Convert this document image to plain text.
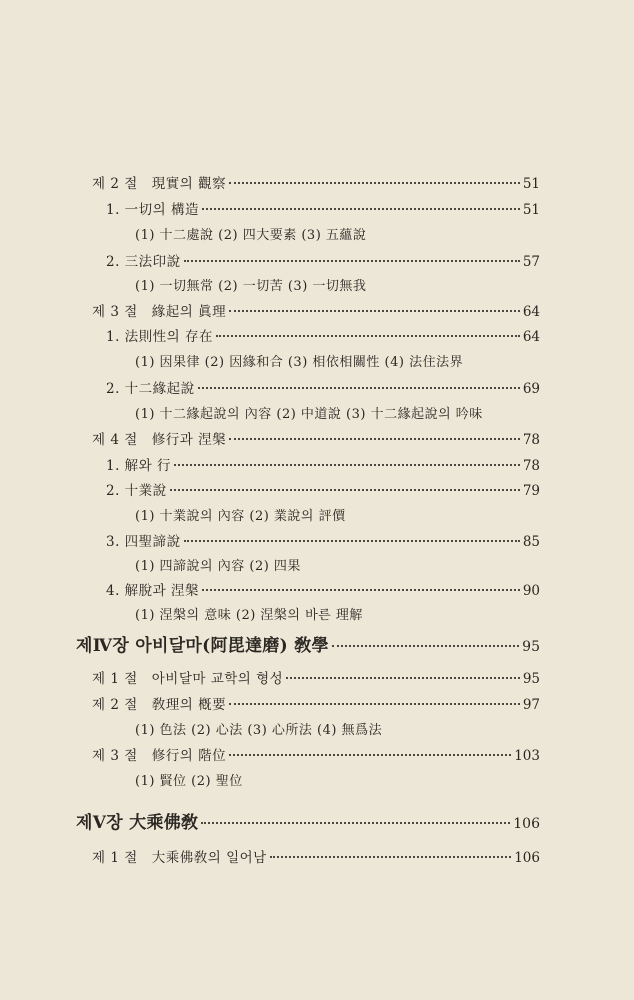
제 2 절　現實의 觀察	51
1. 一切의 構造	51
(1) 十二處說 (2) 四大要素 (3) 五蘊說
2. 三法印說	57
(1) 一切無常 (2) 一切苦 (3) 一切無我
제 3 절　緣起의 眞理	64
1. 法則性의 存在	64
(1) 因果律 (2) 因緣和合 (3) 相依相關性 (4) 法住法界
2. 十二緣起說	69
(1) 十二緣起說의 內容 (2) 中道說 (3) 十二緣起說의 吟味
제 4 절　修行과 涅槃	78
1. 解와 行	78
2. 十業說	79
(1) 十業說의 內容 (2) 業說의 評價
3. 四聖諦說	85
(1) 四諦說의 內容 (2) 四果
4. 解脫과 涅槃	90
(1) 涅槃의 意味 (2) 涅槃의 바른 理解
제Ⅳ장 아비달마(阿毘達磨) 敎學	95
제 1 절　아비달마 교학의 형성	95
제 2 절　敎理의 槪要	97
(1) 色法 (2) 心法 (3) 心所法 (4) 無爲法
제 3 절　修行의 階位	103
(1) 賢位 (2) 聖位
제Ⅴ장 大乘佛敎	106
제 1 절　大乘佛敎의 일어남	106
